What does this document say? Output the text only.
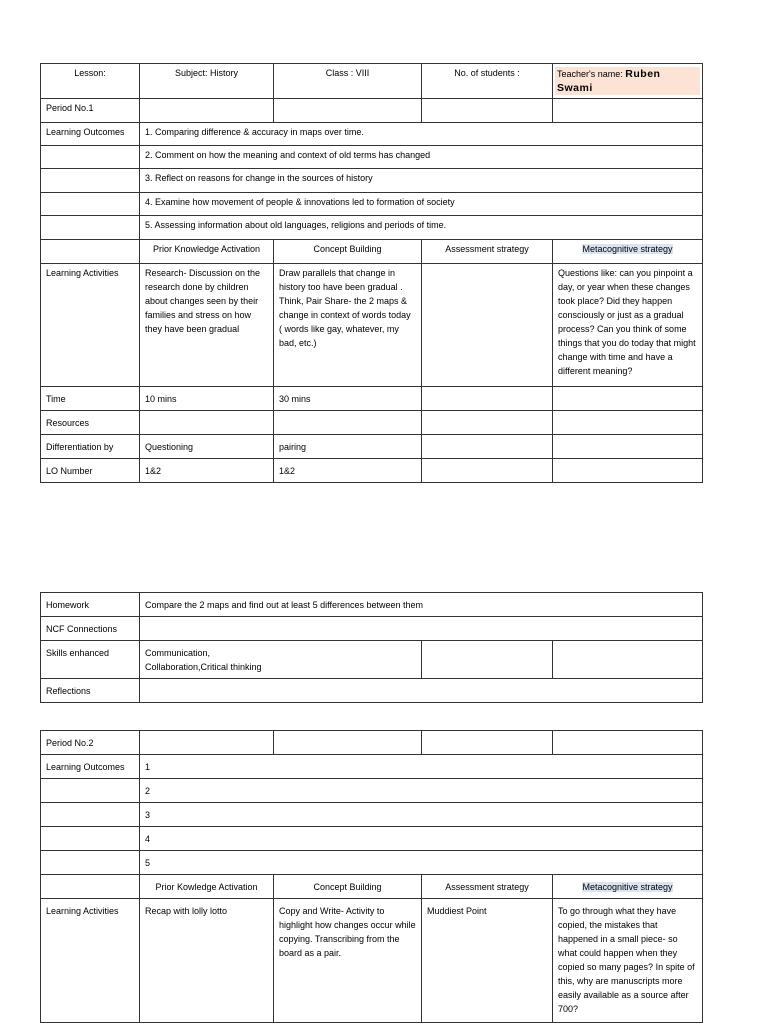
Lesson:	Subject: History	Class : VIII	No. of students :	Teacher's name: Ruben Swami

Period No.1				
Learning Outcomes	1. Comparing difference & accuracy in maps over time.			
	2. Comment on how the meaning and context of old terms has changed			
	3. Reflect on reasons for change in the sources of history			
	4. Examine how movement of people & innovations led to formation of society			
	5. Assessing information about old languages, religions and periods of time.			
	Prior Knowledge Activation	Concept Building	Assessment strategy	Metacognitive strategy
Learning Activities	Research- Discussion on the research done by children about changes seen by their families and stress on how they have been gradual	Draw parallels that change in history too have been gradual . Think, Pair Share- the 2 maps & change in context of words today ( words like gay, whatever, my bad, etc.)		Questions like: can you pinpoint a day, or year when these changes took place? Did they happen consciously or just as a gradual process? Can you think of some things that you do today that might change with time and have a different meaning?
Time	10 mins	30 mins		
Resources				
Differentiation by	Questioning	pairing		
LO Number	1&2	1&2		
Homework	Compare the 2 maps and find out at least 5 differences between them		
NCF Connections			
Skills enhanced	Communication,
Collaboration,Critical thinking		
Reflections			
Period No.2				
Learning Outcomes	1			
	2			
	3			
	4			
	5			
	Prior Kowledge Activation	Concept Building	Assessment strategy	Metacognitive strategy
Learning Activities	Recap with lolly lotto	Copy and Write- Activity to highlight how changes occur while copying. Transcribing from the board as a pair.	Muddiest Point	To go through what they have copied, the mistakes that happened in a small piece- so what could happen when they copied so many pages? In spite of this, why are manuscripts more easily available as a source after 700?
